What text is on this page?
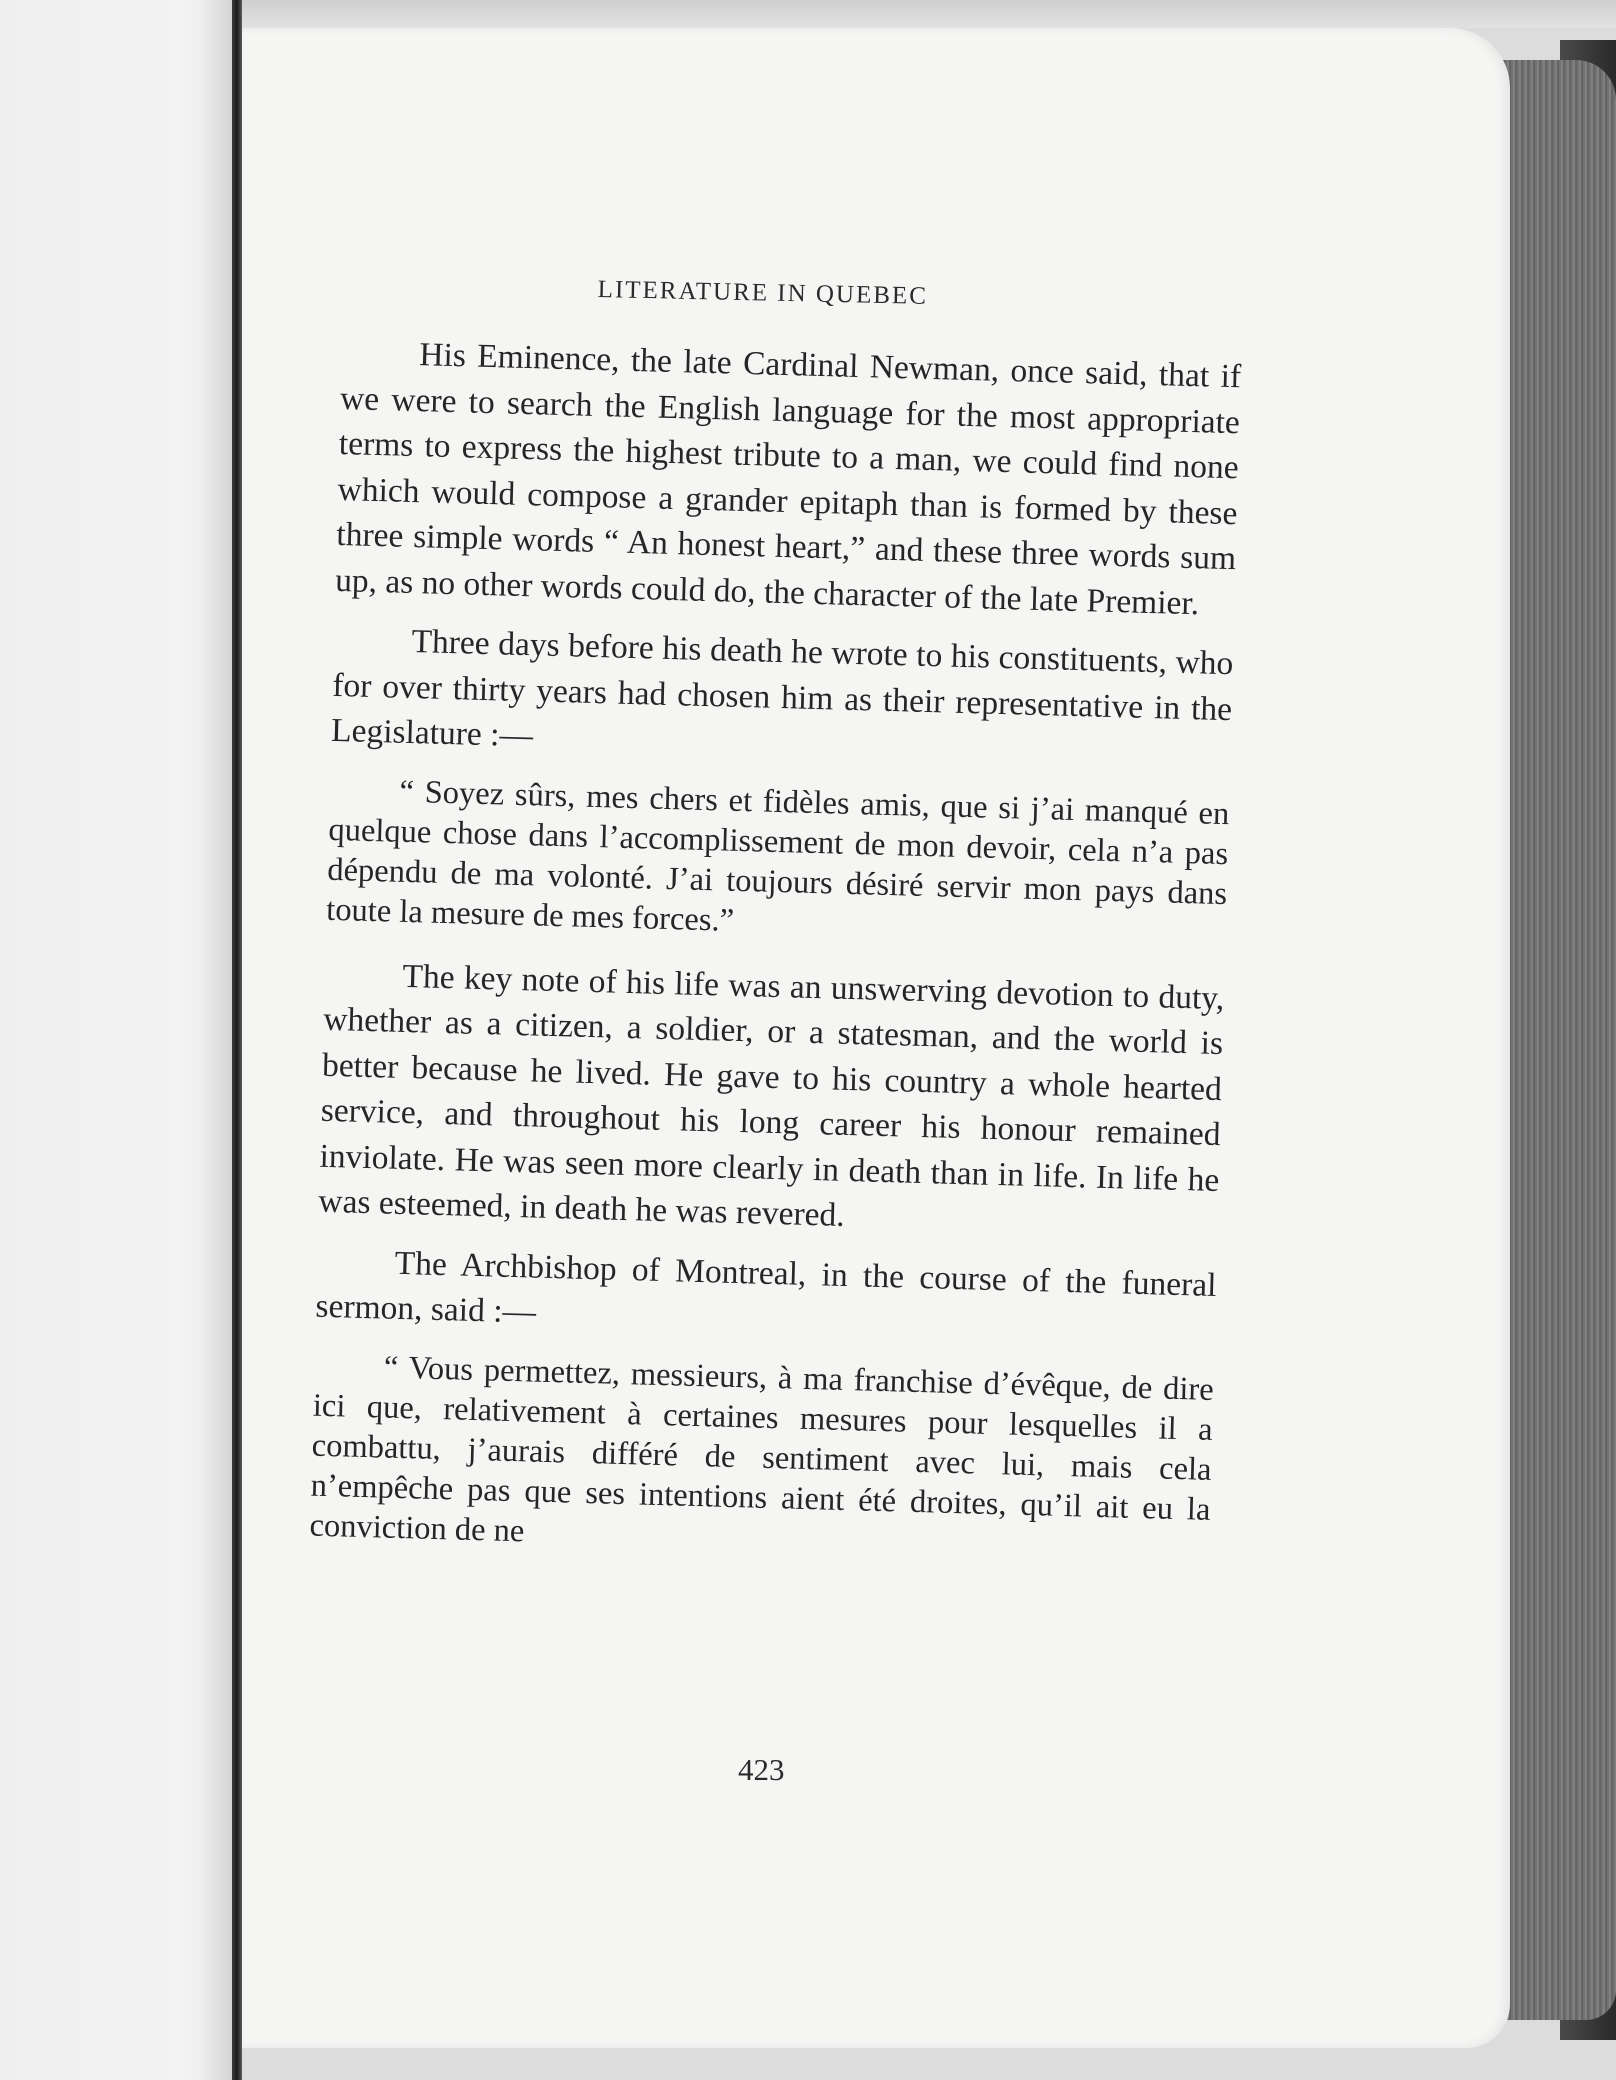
LITERATURE IN QUEBEC

His Eminence, the late Cardinal Newman, once said, that if we were to search the English language for the most appropriate terms to express the highest tribute to a man, we could find none which would compose a grander epitaph than is formed by these three simple words “ An honest heart,” and these three words sum up, as no other words could do, the character of the late Premier.

Three days before his death he wrote to his constituents, who for over thirty years had chosen him as their representative in the Legislature :—

“ Soyez sûrs, mes chers et fidèles amis, que si j’ai manqué en quelque chose dans l’accomplissement de mon devoir, cela n’a pas dépendu de ma volonté. J’ai toujours désiré servir mon pays dans toute la mesure de mes forces.”

The key note of his life was an unswerving devotion to duty, whether as a citizen, a soldier, or a statesman, and the world is better because he lived. He gave to his country a whole hearted service, and throughout his long career his honour remained inviolate. He was seen more clearly in death than in life. In life he was esteemed, in death he was revered.

The Archbishop of Montreal, in the course of the funeral sermon, said :—

“ Vous permettez, messieurs, à ma franchise d’évêque, de dire ici que, relativement à certaines mesures pour lesquelles il a combattu, j’aurais différé de sentiment avec lui, mais cela n’empêche pas que ses intentions aient été droites, qu’il ait eu la conviction de ne

423
